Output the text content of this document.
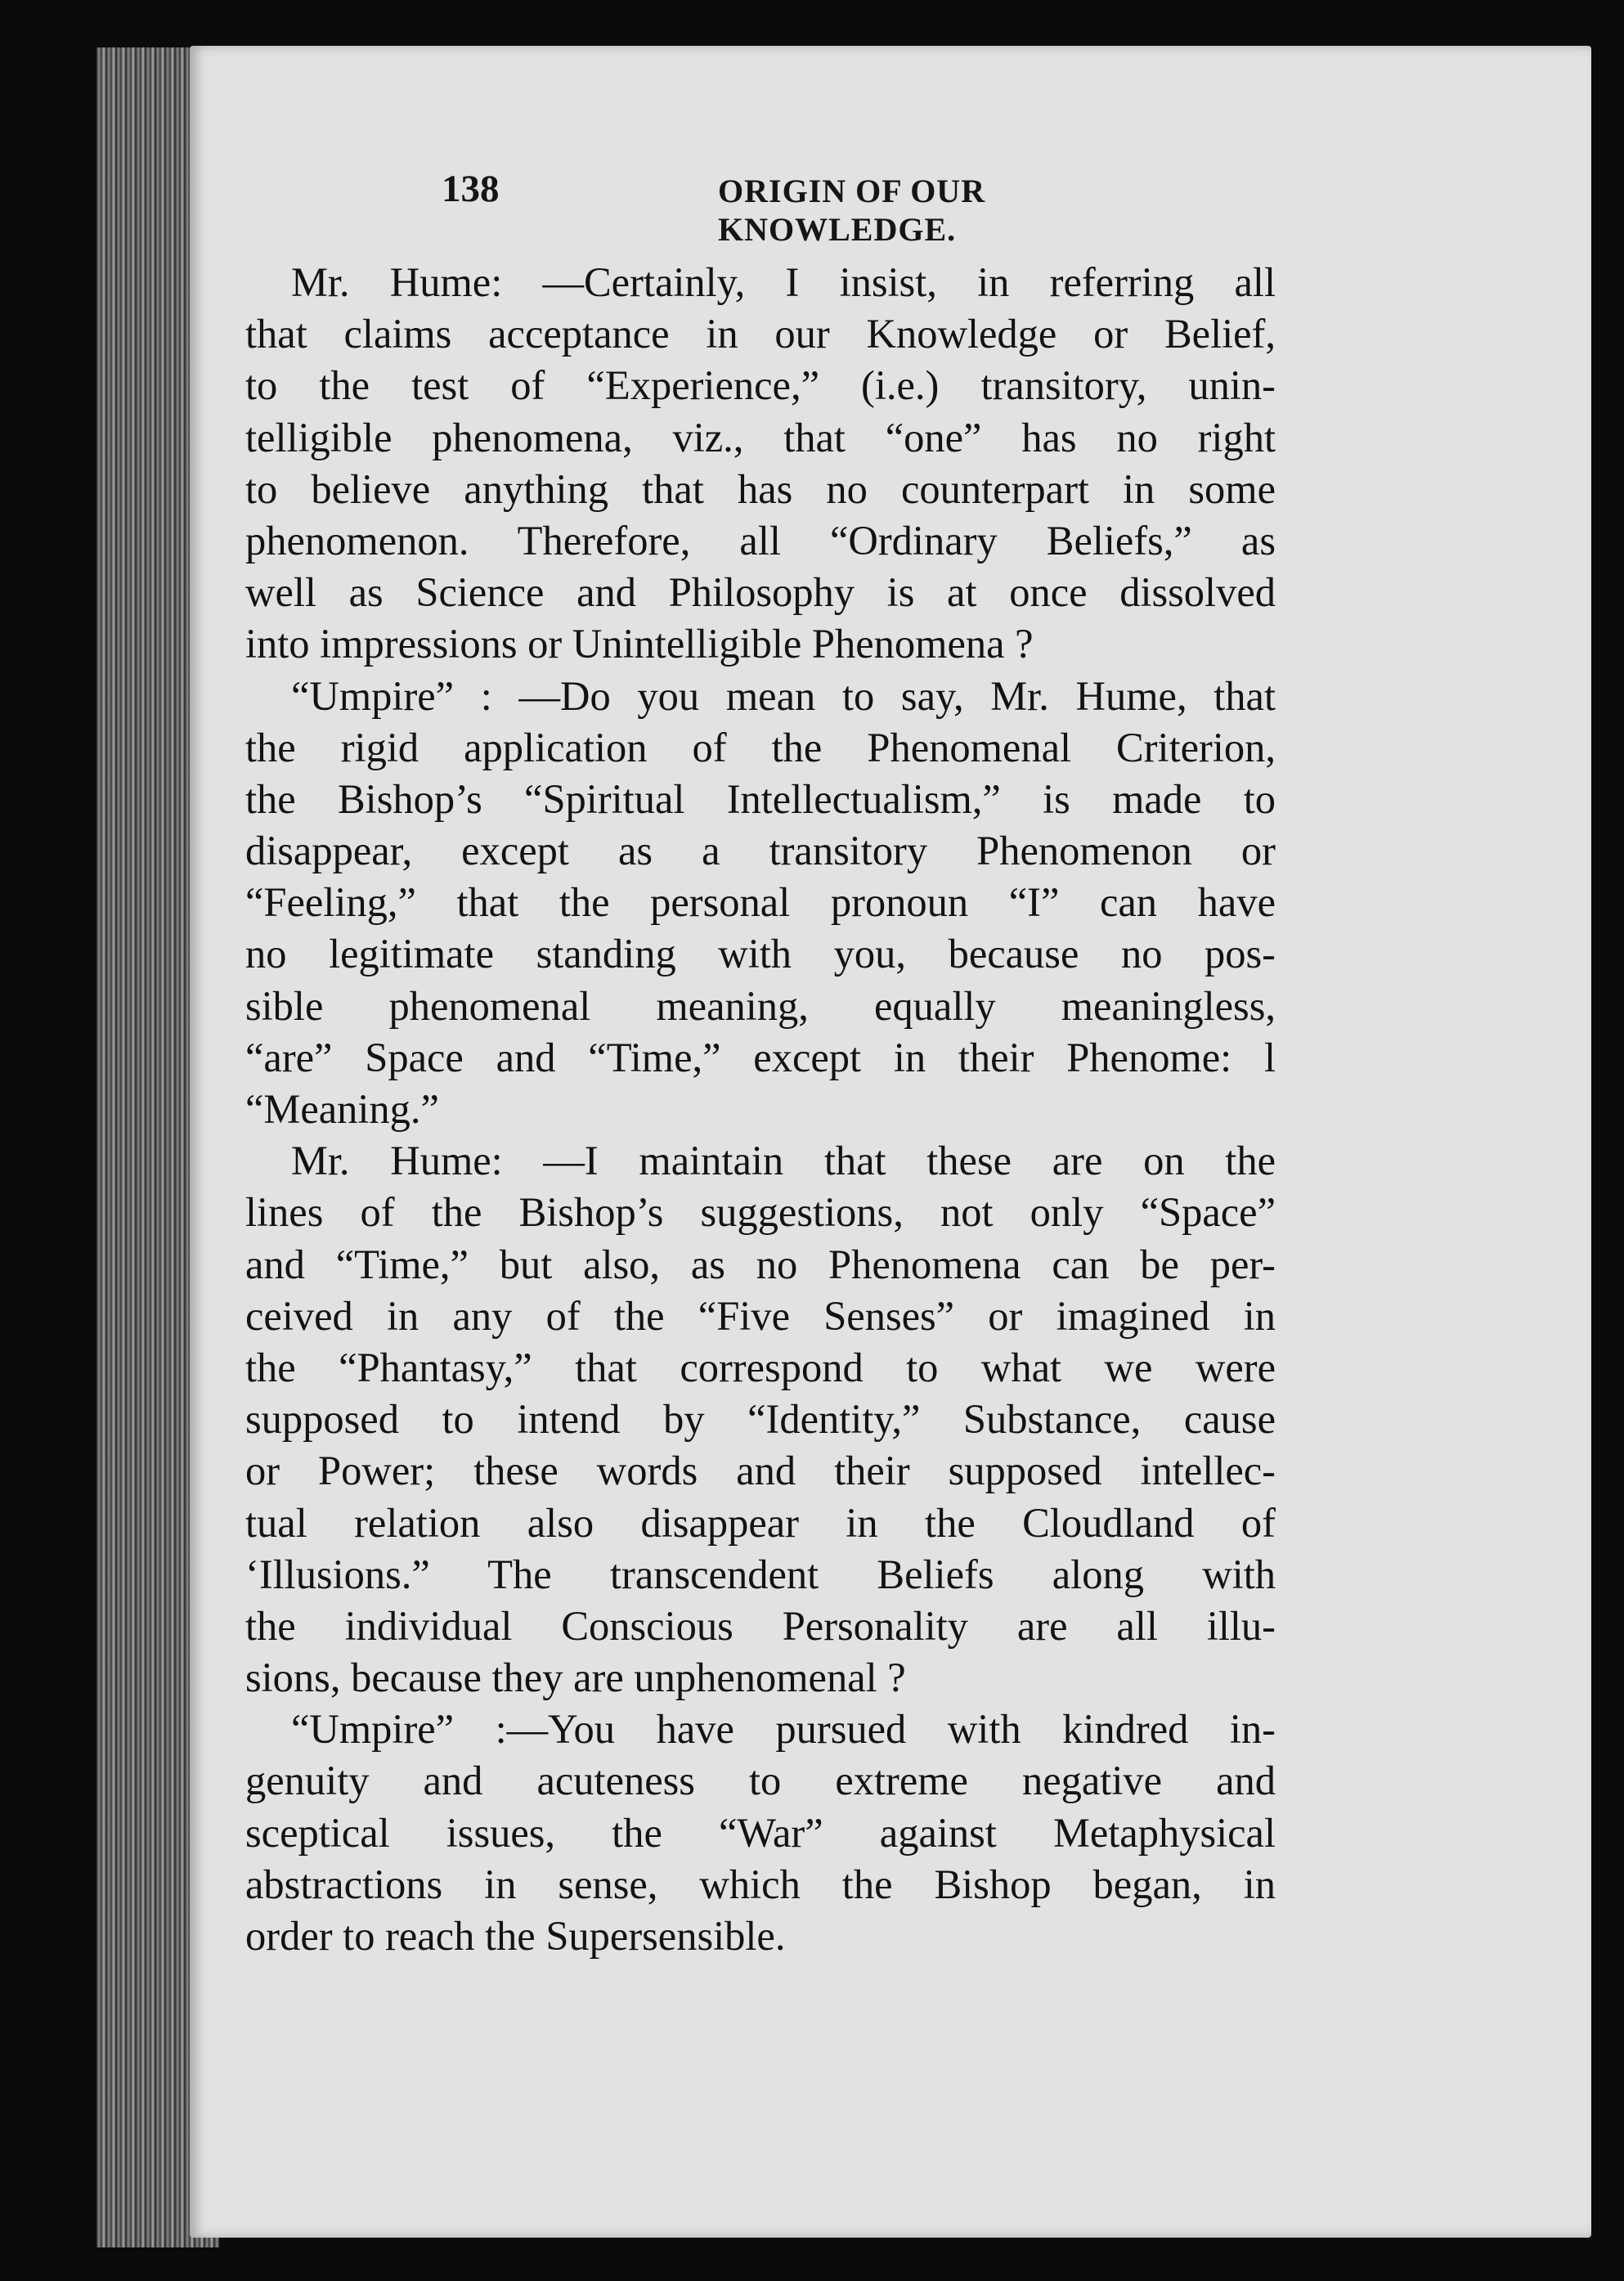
138	ORIGIN OF OUR KNOWLEDGE.
Mr. Hume: —Certainly, I insist, in referring all
that claims acceptance in our Knowledge or Belief,
to the test of “Experience,” (i.e.) transitory, unin-
telligible phenomena, viz., that “one” has no right
to believe anything that has no counterpart in some
phenomenon. Therefore, all “Ordinary Beliefs,” as
well as Science and Philosophy is at once dissolved
into impressions or Unintelligible Phenomena ?
“Umpire” : —Do you mean to say, Mr. Hume, that
the rigid application of the Phenomenal Criterion,
the Bishop’s “Spiritual Intellectualism,” is made to
disappear, except as a transitory Phenomenon or
“Feeling,” that the personal pronoun “I” can have
no legitimate standing with you, because no pos-
sible phenomenal meaning, equally meaningless,
“are” Space and “Time,” except in their Phenome: l
“Meaning.”
Mr. Hume: —I maintain that these are on the
lines of the Bishop’s suggestions, not only “Space”
and “Time,” but also, as no Phenomena can be per-
ceived in any of the “Five Senses” or imagined in
the “Phantasy,” that correspond to what we were
supposed to intend by “Identity,” Substance, cause
or Power; these words and their supposed intellec-
tual relation also disappear in the Cloudland of
‘Illusions.” The transcendent Beliefs along with
the individual Conscious Personality are all illu-
sions, because they are unphenomenal ?
“Umpire” :—You have pursued with kindred in-
genuity and acuteness to extreme negative and
sceptical issues, the “War” against Metaphysical
abstractions in sense, which the Bishop began, in
order to reach the Supersensible.
